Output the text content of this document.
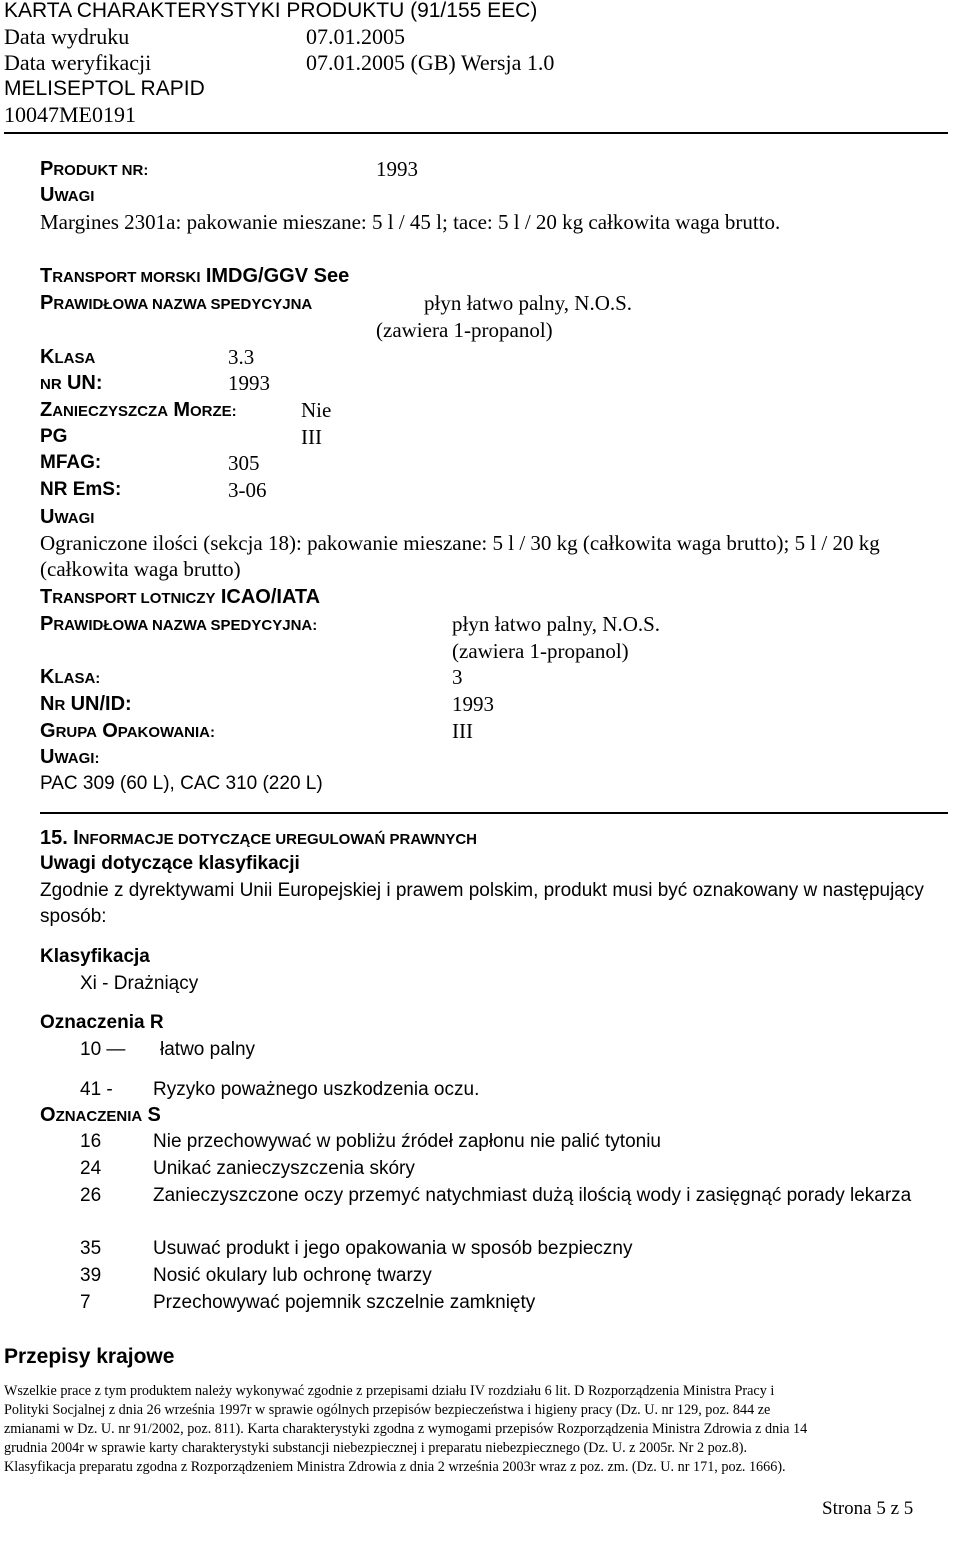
KARTA CHARAKTERYSTYKI PRODUKTU (91/155 EEC)
Data wydruku	07.01.2005
Data weryfikacji	07.01.2005 (GB) Wersja 1.0
MELISEPTOL RAPID
10047ME0191
PRODUKT NR:	1993
UWAGI
Margines 2301a: pakowanie mieszane: 5 l / 45 l; tace: 5 l / 20 kg całkowita waga brutto.
TRANSPORT MORSKI IMDG/GGV See
PRAWIDŁOWA NAZWA SPEDYCYJNA	płyn łatwo palny, N.O.S.
(zawiera 1-propanol)
KLASA	3.3
NR UN:	1993
ZANIECZYSZCZA MORZE:	Nie
PG	III
MFAG:	305
NR EmS:	3-06
UWAGI
Ograniczone ilości (sekcja 18): pakowanie mieszane: 5 l / 30 kg (całkowita waga brutto); 5 l / 20 kg (całkowita waga brutto)
TRANSPORT LOTNICZY ICAO/IATA
PRAWIDŁOWA NAZWA SPEDYCYJNA:	płyn łatwo palny, N.O.S.
(zawiera 1-propanol)
KLASA:	3
NR UN/ID:	1993
GRUPA OPAKOWANIA:	III
UWAGI:
PAC 309 (60 L), CAC 310 (220 L)
15. INFORMACJE DOTYCZĄCE UREGULOWAŃ PRAWNYCH
Uwagi dotyczące klasyfikacji
Zgodnie z dyrektywami Unii Europejskiej i prawem polskim, produkt musi być oznakowany w następujący sposób:
Klasyfikacja
Xi - Drażniący
Oznaczenia R
10 — łatwo palny
41 - Ryzyko poważnego uszkodzenia oczu.
OZNACZENIA S
16	Nie przechowywać w pobliżu źródeł zapłonu nie palić tytoniu
24	Unikać zanieczyszczenia skóry
26	Zanieczyszczone oczy przemyć natychmiast dużą ilością wody i zasięgnąć porady lekarza
35	Usuwać produkt i jego opakowania w sposób bezpieczny
39	Nosić okulary lub ochronę twarzy
7	Przechowywać pojemnik szczelnie zamknięty
Przepisy krajowe
Wszelkie prace z tym produktem należy wykonywać zgodnie z przepisami działu IV rozdziału 6 lit. D Rozporządzenia Ministra Pracy i
Polityki Socjalnej z dnia 26 września 1997r w sprawie ogólnych przepisów bezpieczeństwa i higieny pracy (Dz. U. nr 129, poz. 844 ze
zmianami w Dz. U. nr 91/2002, poz. 811). Karta charakterystyki zgodna z wymogami przepisów Rozporządzenia Ministra Zdrowia z dnia 14
grudnia 2004r w sprawie karty charakterystyki substancji niebezpiecznej i preparatu niebezpiecznego (Dz. U. z 2005r. Nr 2 poz.8).
Klasyfikacja preparatu zgodna z Rozporządzeniem Ministra Zdrowia z dnia 2 września 2003r wraz z poz. zm. (Dz. U. nr 171, poz. 1666).
Strona 5 z 5
